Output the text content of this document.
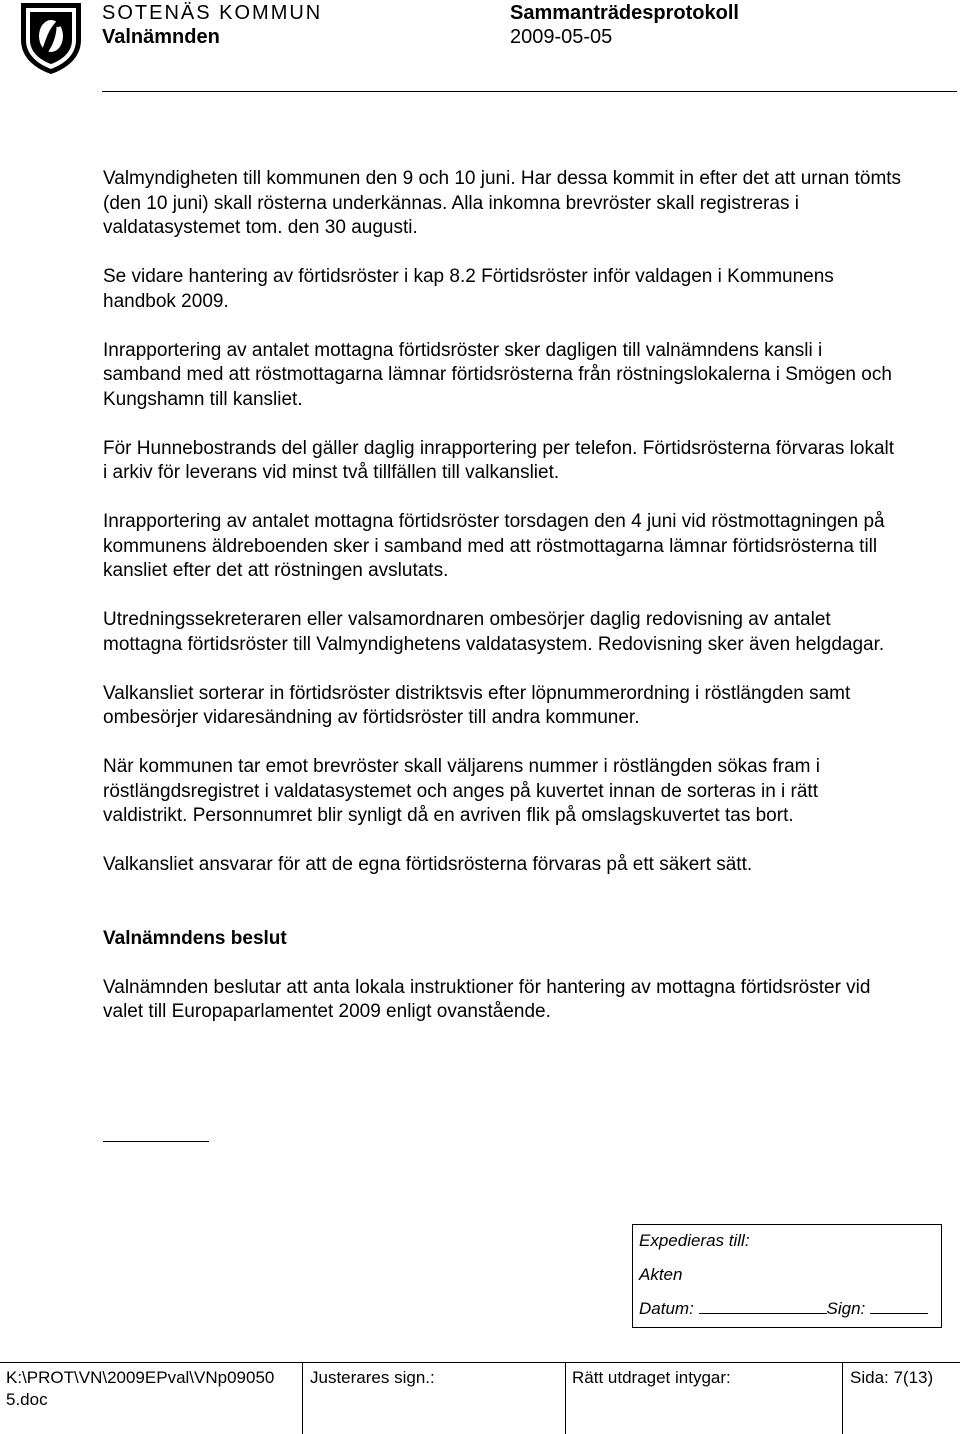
SOTENÄS KOMMUN
Valnämnden
Sammanträdesprotokoll
2009-05-05

Valmyndigheten till kommunen den 9 och 10 juni. Har dessa kommit in efter det att urnan tömts (den 10 juni) skall rösterna underkännas. Alla inkomna brevröster skall registreras i valdatasystemet tom. den 30 augusti.

Se vidare hantering av förtidsröster i kap 8.2 Förtidsröster inför valdagen i Kommunens handbok 2009.

Inrapportering av antalet mottagna förtidsröster sker dagligen till valnämndens kansli i samband med att röstmottagarna lämnar förtidsrösterna från röstningslokalerna i Smögen och Kungshamn till kansliet.

För Hunnebostrands del gäller daglig inrapportering per telefon. Förtidsrösterna förvaras lokalt i arkiv för leverans vid minst två tillfällen till valkansliet.

Inrapportering av antalet mottagna förtidsröster torsdagen den 4 juni vid röstmottagningen på kommunens äldreboenden sker i samband med att röstmottagarna lämnar förtidsrösterna till kansliet efter det att röstningen avslutats.

Utredningssekreteraren eller valsamordnaren ombesörjer daglig redovisning av antalet mottagna förtidsröster till Valmyndighetens valdatasystem. Redovisning sker även helgdagar.

Valkansliet sorterar in förtidsröster distriktsvis efter löpnummerordning i röstlängden samt ombesörjer vidaresändning av förtidsröster till andra kommuner.

När kommunen tar emot brevröster skall väljarens nummer i röstlängden sökas fram i röstlängdsregistret i valdatasystemet och anges på kuvertet innan de sorteras in i rätt valdistrikt. Personnumret blir synligt då en avriven flik på omslagskuvertet tas bort.

Valkansliet ansvarar för att de egna förtidsrösterna förvaras på ett säkert sätt.

Valnämndens beslut

Valnämnden beslutar att anta lokala instruktioner för hantering av mottagna förtidsröster vid valet till Europaparlamentet 2009 enligt ovanstående.

Expedieras till:
Akten
Datum:	Sign:
K:\PROT\VN\2009EPval\VNp09050 5.doc
Justerares sign.:	Rätt utdraget intygar:	Sida: 7(13)
